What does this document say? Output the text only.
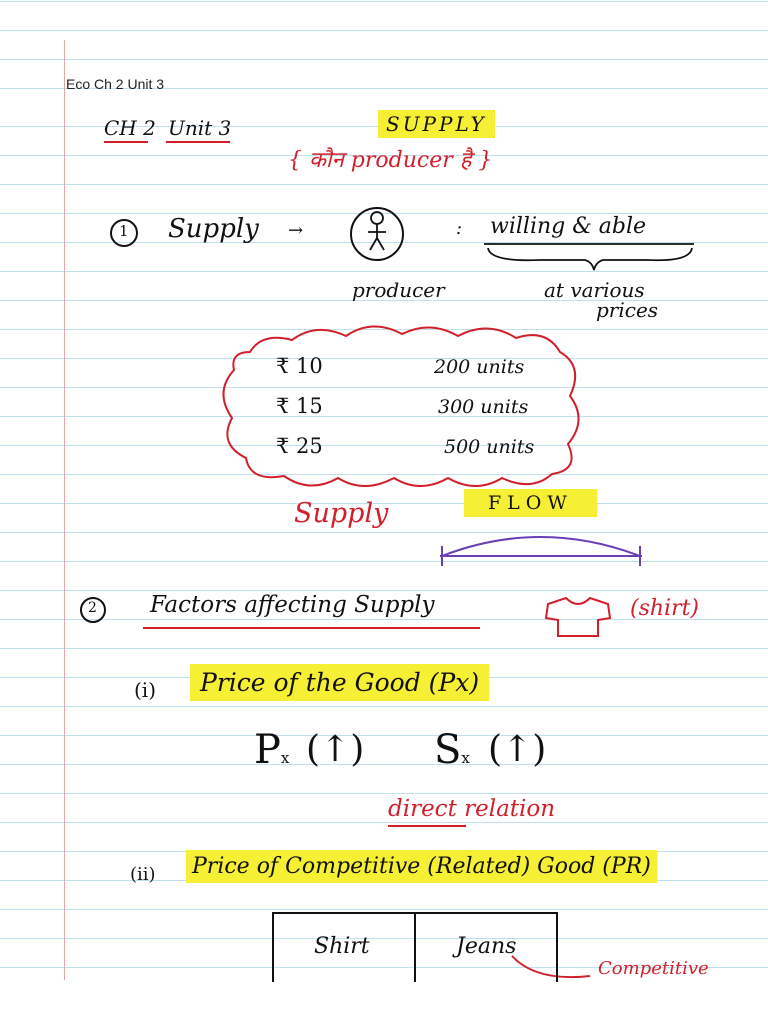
Eco Ch 2 Unit 3
CH 2 Unit 3	SUPPLY
{ कौन producer है }
1 Supply →	: willing & able
producer	at various
prices
₹ 10	200 units
₹ 15	300 units
₹ 25	500 units
Supply	FLOW
2 Factors affecting Supply	(shirt)
(i)	Price of the Good (Px)
Px (↑) Sx (↑)
direct relation
(ii) Price of Competitive (Related) Good (PR)
Shirt	Jeans
Competitive
